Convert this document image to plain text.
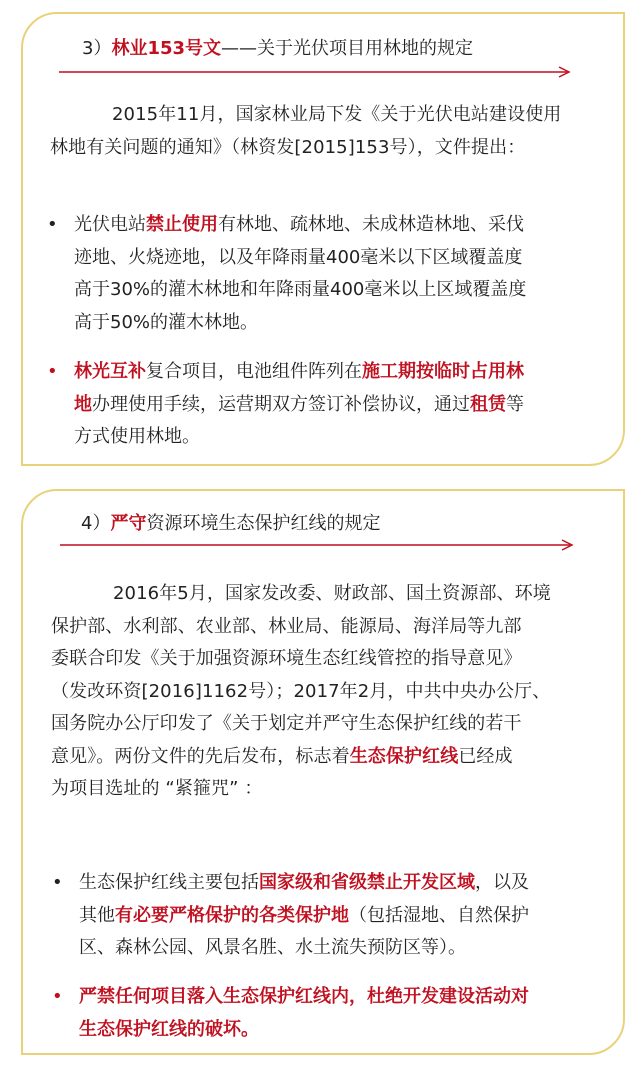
3）林业153号文——关于光伏项目用林地的规定
2015年11月，国家林业局下发《关于光伏电站建设使用
林地有关问题的通知》（林资发[2015]153号），文件提出：
• 光伏电站禁止使用有林地、疏林地、未成林造林地、采伐
迹地、火烧迹地，以及年降雨量400毫米以下区域覆盖度
高于30%的灌木林地和年降雨量400毫米以上区域覆盖度
高于50%的灌木林地。
• 林光互补复合项目，电池组件阵列在施工期按临时占用林
地办理使用手续，运营期双方签订补偿协议，通过租赁等
方式使用林地。
4）严守资源环境生态保护红线的规定
2016年5月，国家发改委、财政部、国土资源部、环境
保护部、水利部、农业部、林业局、能源局、海洋局等九部
委联合印发《关于加强资源环境生态红线管控的指导意见》
（发改环资[2016]1162号）；2017年2月，中共中央办公厅、
国务院办公厅印发了《关于划定并严守生态保护红线的若干
意见》。两份文件的先后发布，标志着生态保护红线已经成
为项目选址的 “紧箍咒” ：
• 生态保护红线主要包括国家级和省级禁止开发区域，以及
其他有必要严格保护的各类保护地（包括湿地、自然保护
区、森林公园、风景名胜、水土流失预防区等）。
• 严禁任何项目落入生态保护红线内，杜绝开发建设活动对
生态保护红线的破坏。
